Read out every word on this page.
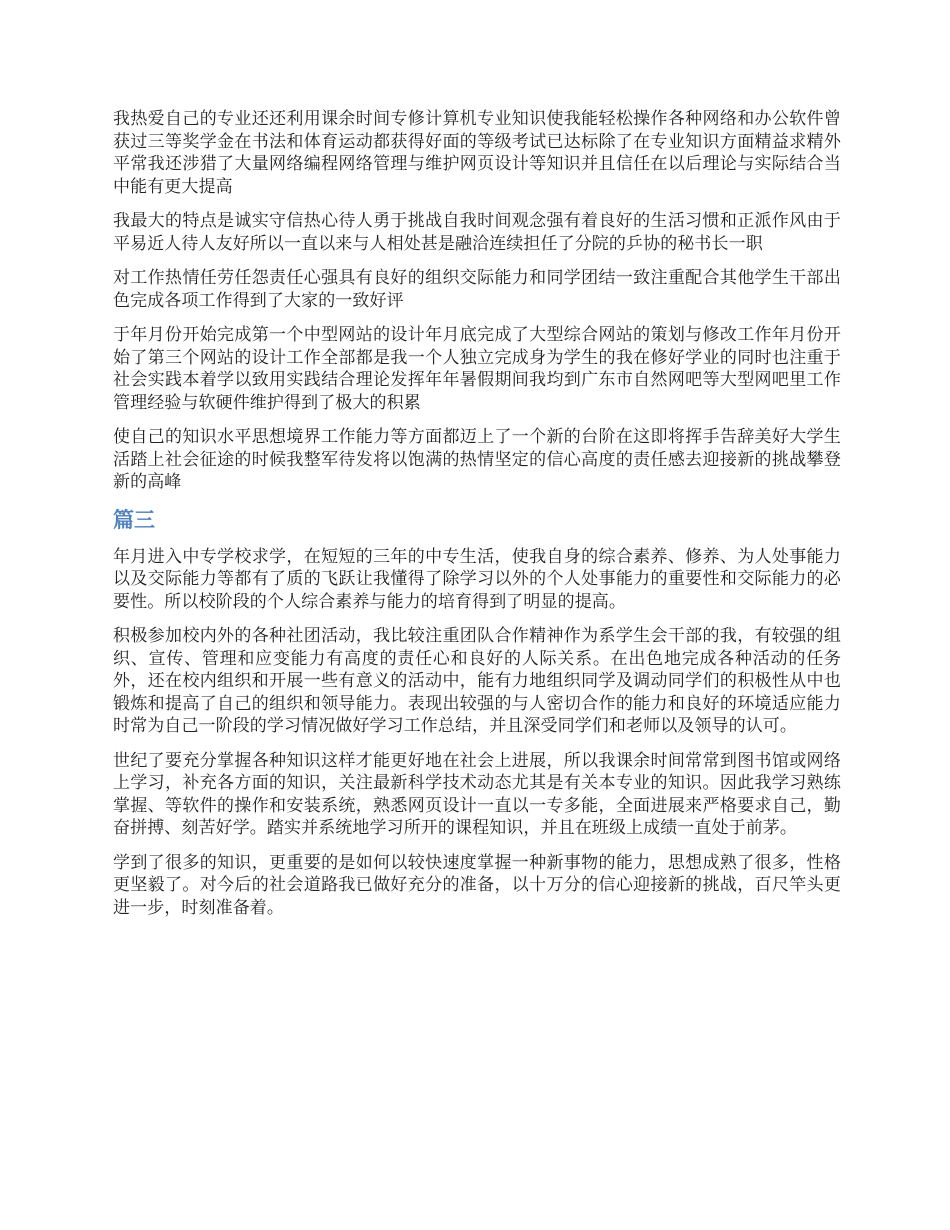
我热爱自己的专业还还利用课余时间专修计算机专业知识使我能轻松操作各种网络和办公软件曾获过三等奖学金在书法和体育运动都获得好面的等级考试已达标除了在专业知识方面精益求精外平常我还涉猎了大量网络编程网络管理与维护网页设计等知识并且信任在以后理论与实际结合当中能有更大提高

我最大的特点是诚实守信热心待人勇于挑战自我时间观念强有着良好的生活习惯和正派作风由于平易近人待人友好所以一直以来与人相处甚是融洽连续担任了分院的乒协的秘书长一职

对工作热情任劳任怨责任心强具有良好的组织交际能力和同学团结一致注重配合其他学生干部出色完成各项工作得到了大家的一致好评

于年月份开始完成第一个中型网站的设计年月底完成了大型综合网站的策划与修改工作年月份开始了第三个网站的设计工作全部都是我一个人独立完成身为学生的我在修好学业的同时也注重于社会实践本着学以致用实践结合理论发挥年年暑假期间我均到广东市自然网吧等大型网吧里工作管理经验与软硬件维护得到了极大的积累

使自己的知识水平思想境界工作能力等方面都迈上了一个新的台阶在这即将挥手告辞美好大学生活踏上社会征途的时候我整军待发将以饱满的热情坚定的信心高度的责任感去迎接新的挑战攀登新的高峰

篇三

年月进入中专学校求学，在短短的三年的中专生活，使我自身的综合素养、修养、为人处事能力以及交际能力等都有了质的飞跃让我懂得了除学习以外的个人处事能力的重要性和交际能力的必要性。所以校阶段的个人综合素养与能力的培育得到了明显的提高。

积极参加校内外的各种社团活动，我比较注重团队合作精神作为系学生会干部的我，有较强的组织、宣传、管理和应变能力有高度的责任心和良好的人际关系。在出色地完成各种活动的任务外，还在校内组织和开展一些有意义的活动中，能有力地组织同学及调动同学们的积极性从中也锻炼和提高了自己的组织和领导能力。表现出较强的与人密切合作的能力和良好的环境适应能力时常为自己一阶段的学习情况做好学习工作总结，并且深受同学们和老师以及领导的认可。

世纪了要充分掌握各种知识这样才能更好地在社会上进展，所以我课余时间常常到图书馆或网络上学习，补充各方面的知识，关注最新科学技术动态尤其是有关本专业的知识。因此我学习熟练掌握、等软件的操作和安装系统，熟悉网页设计一直以一专多能，全面进展来严格要求自己，勤奋拼搏、刻苦好学。踏实并系统地学习所开的课程知识，并且在班级上成绩一直处于前茅。

学到了很多的知识，更重要的是如何以较快速度掌握一种新事物的能力，思想成熟了很多，性格更坚毅了。对今后的社会道路我已做好充分的准备，以十万分的信心迎接新的挑战，百尺竿头更进一步，时刻准备着。
